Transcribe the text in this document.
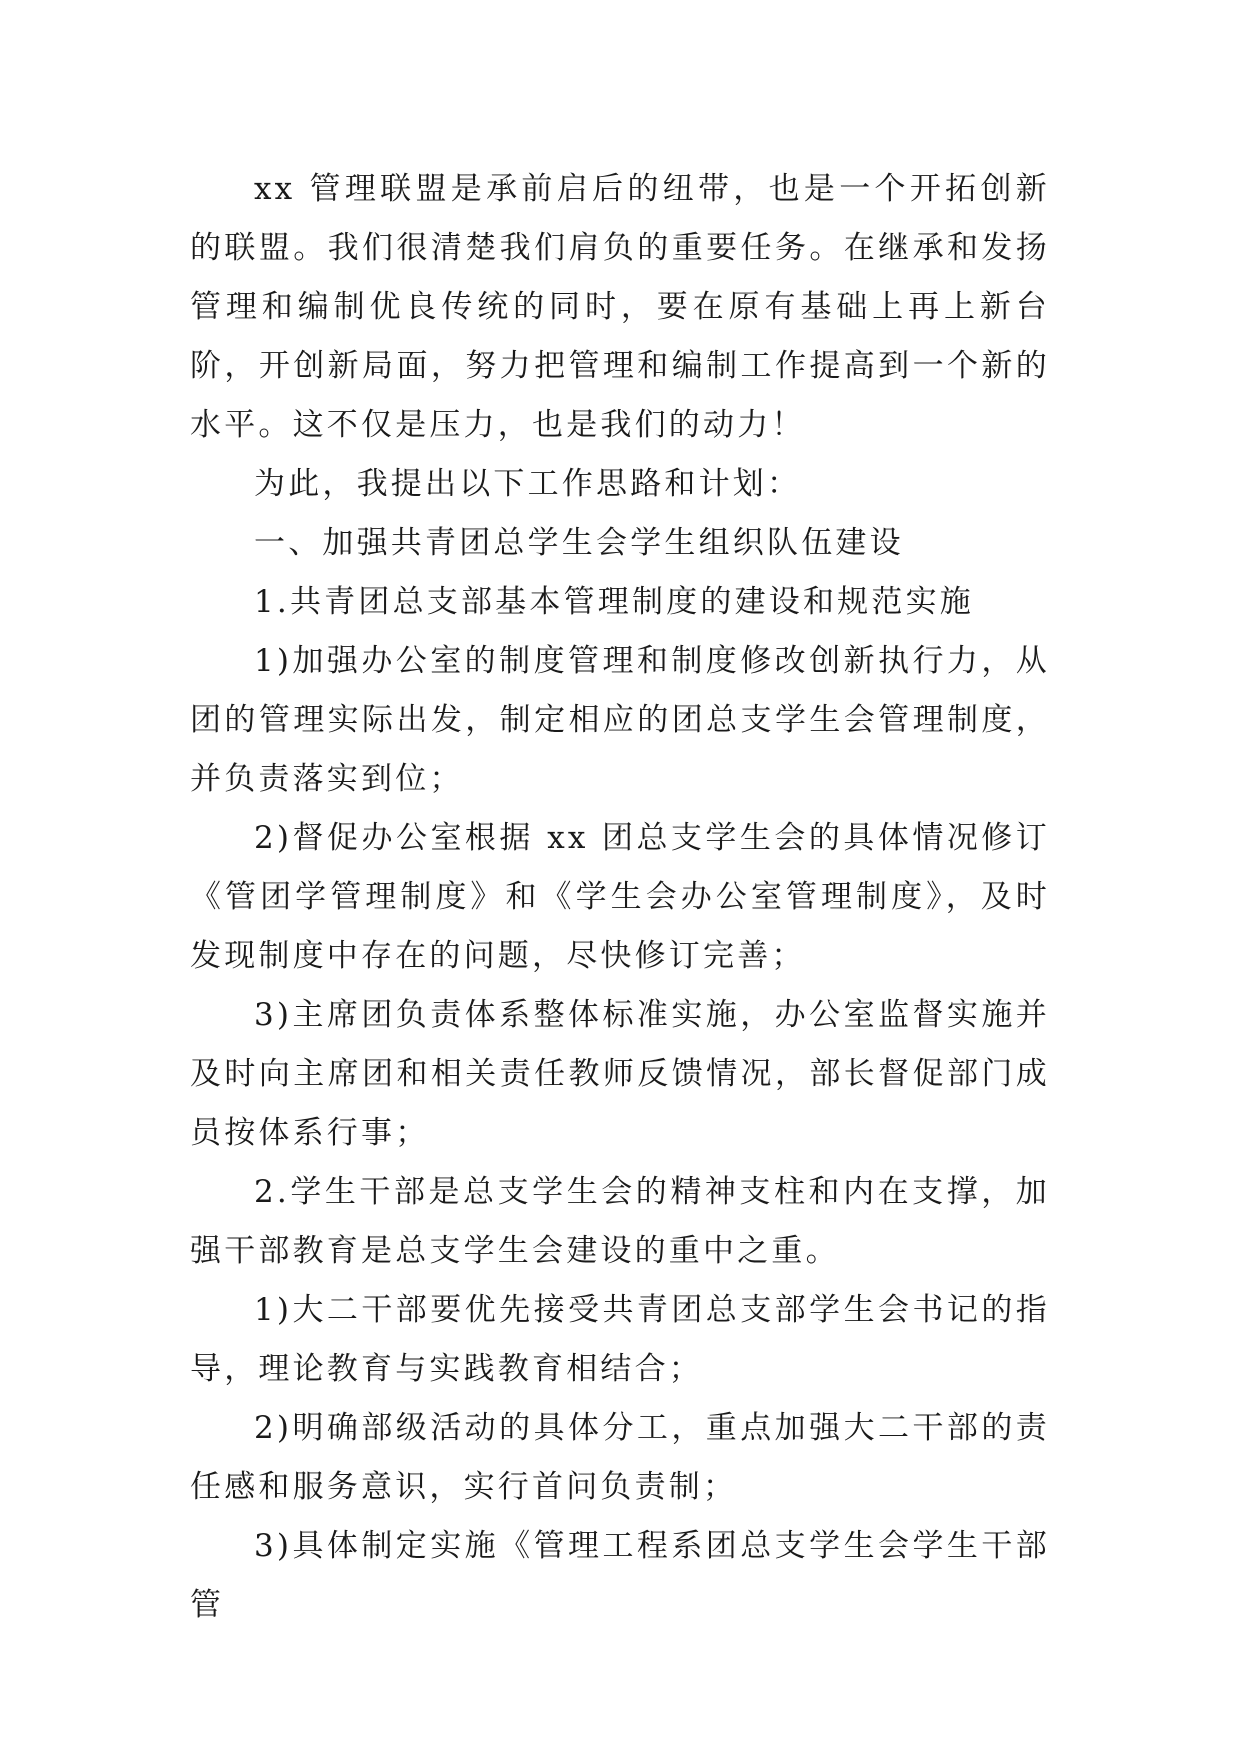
xx 管理联盟是承前启后的纽带，也是一个开拓创新的联盟。我们很清楚我们肩负的重要任务。在继承和发扬管理和编制优良传统的同时，要在原有基础上再上新台阶，开创新局面，努力把管理和编制工作提高到一个新的水平。这不仅是压力，也是我们的动力！

为此，我提出以下工作思路和计划：

一、加强共青团总学生会学生组织队伍建设

1.共青团总支部基本管理制度的建设和规范实施

1)加强办公室的制度管理和制度修改创新执行力，从团的管理实际出发，制定相应的团总支学生会管理制度，并负责落实到位；

2)督促办公室根据 xx 团总支学生会的具体情况修订《管团学管理制度》和《学生会办公室管理制度》，及时发现制度中存在的问题，尽快修订完善；

3)主席团负责体系整体标准实施，办公室监督实施并及时向主席团和相关责任教师反馈情况，部长督促部门成员按体系行事；

2.学生干部是总支学生会的精神支柱和内在支撑，加强干部教育是总支学生会建设的重中之重。

1)大二干部要优先接受共青团总支部学生会书记的指导，理论教育与实践教育相结合；

2)明确部级活动的具体分工，重点加强大二干部的责任感和服务意识，实行首问负责制；

3)具体制定实施《管理工程系团总支学生会学生干部管
